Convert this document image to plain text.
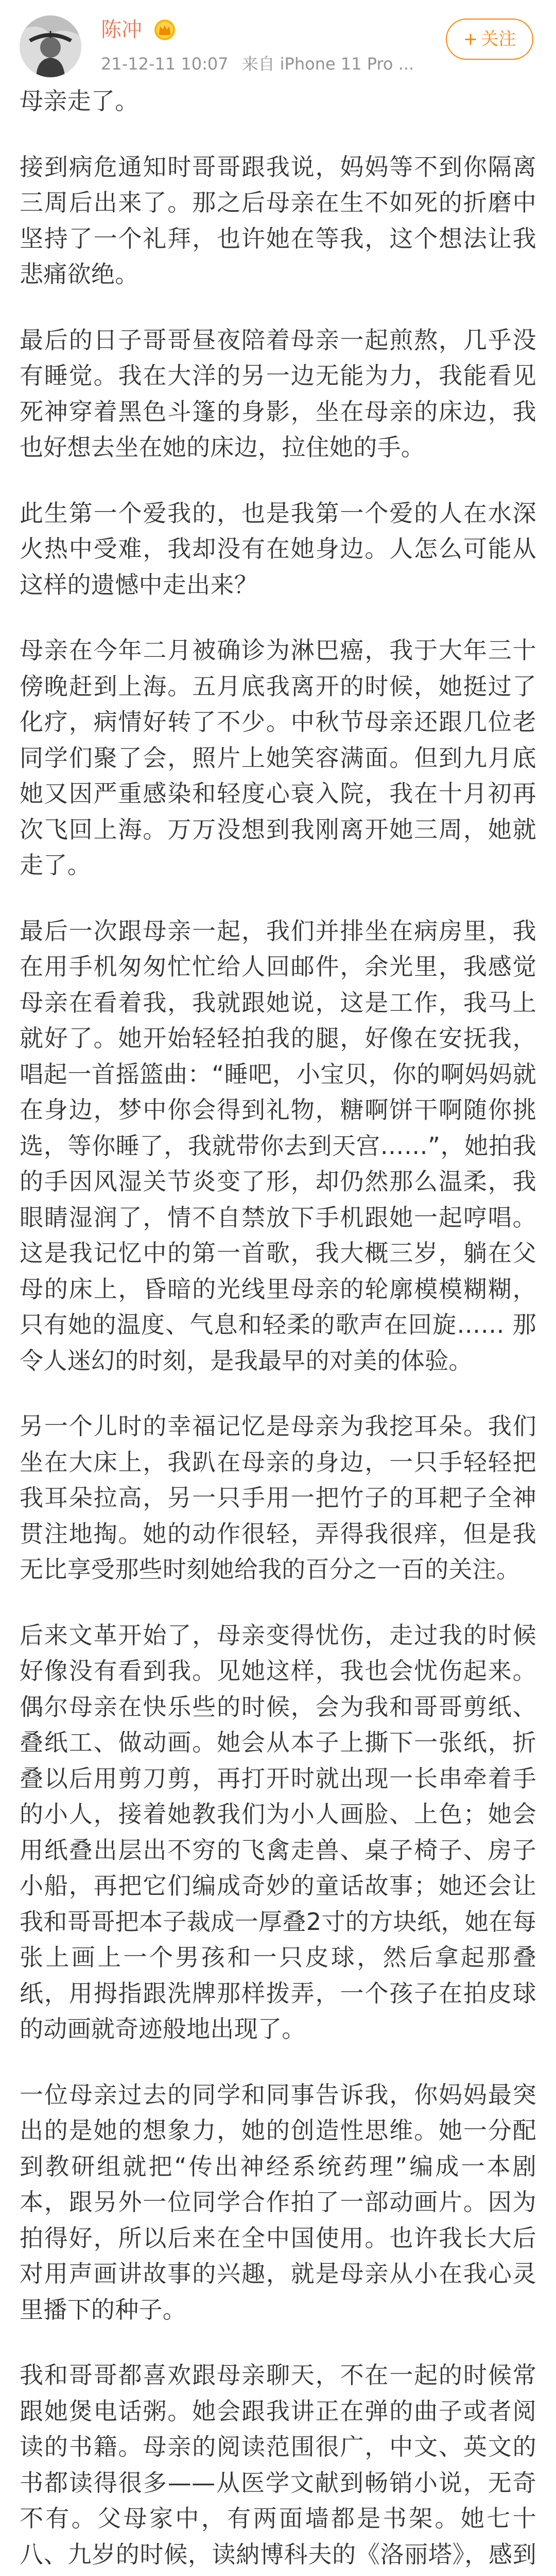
陈冲
21-12-11 10:07 来自 iPhone 11 Pro ...
+ 关注

母亲走了。

接到病危通知时哥哥跟我说，妈妈等不到你隔离三周后出来了。那之后母亲在生不如死的折磨中坚持了一个礼拜，也许她在等我，这个想法让我悲痛欲绝。

最后的日子哥哥昼夜陪着母亲一起煎熬，几乎没有睡觉。我在大洋的另一边无能为力，我能看见死神穿着黑色斗篷的身影，坐在母亲的床边，我也好想去坐在她的床边，拉住她的手。

此生第一个爱我的，也是我第一个爱的人在水深火热中受难，我却没有在她身边。人怎么可能从这样的遗憾中走出来？

母亲在今年二月被确诊为淋巴癌，我于大年三十傍晚赶到上海。五月底我离开的时候，她挺过了化疗，病情好转了不少。中秋节母亲还跟几位老同学们聚了会，照片上她笑容满面。但到九月底她又因严重感染和轻度心衰入院，我在十月初再次飞回上海。万万没想到我刚离开她三周，她就走了。

最后一次跟母亲一起，我们并排坐在病房里，我在用手机匆匆忙忙给人回邮件，余光里，我感觉母亲在看着我，我就跟她说，这是工作，我马上就好了。她开始轻轻拍我的腿，好像在安抚我，唱起一首摇篮曲：“睡吧，小宝贝，你的啊妈妈就在身边，梦中你会得到礼物，糖啊饼干啊随你挑选，等你睡了，我就带你去到天宫……”，她拍我的手因风湿关节炎变了形，却仍然那么温柔，我眼睛湿润了，情不自禁放下手机跟她一起哼唱。这是我记忆中的第一首歌，我大概三岁，躺在父母的床上，昏暗的光线里母亲的轮廓模模糊糊，只有她的温度、气息和轻柔的歌声在回旋…… 那令人迷幻的时刻，是我最早的对美的体验。

另一个儿时的幸福记忆是母亲为我挖耳朵。我们坐在大床上，我趴在母亲的身边，一只手轻轻把我耳朵拉高，另一只手用一把竹子的耳耙子全神贯注地掏。她的动作很轻，弄得我很痒，但是我无比享受那些时刻她给我的百分之一百的关注。

后来文革开始了，母亲变得忧伤，走过我的时候好像没有看到我。见她这样，我也会忧伤起来。偶尔母亲在快乐些的时候，会为我和哥哥剪纸、叠纸工、做动画。她会从本子上撕下一张纸，折叠以后用剪刀剪，再打开时就出现一长串牵着手的小人，接着她教我们为小人画脸、上色；她会用纸叠出层出不穷的飞禽走兽、桌子椅子、房子小船，再把它们编成奇妙的童话故事；她还会让我和哥哥把本子裁成一厚叠2寸的方块纸，她在每张上画上一个男孩和一只皮球，然后拿起那叠纸，用拇指跟洗牌那样拨弄，一个孩子在拍皮球的动画就奇迹般地出现了。

一位母亲过去的同学和同事告诉我，你妈妈最突出的是她的想象力，她的创造性思维。她一分配到教研组就把“传出神经系统药理”编成一本剧本，跟另外一位同学合作拍了一部动画片。因为拍得好，所以后来在全中国使用。也许我长大后对用声画讲故事的兴趣，就是母亲从小在我心灵里播下的种子。

我和哥哥都喜欢跟母亲聊天，不在一起的时候常跟她煲电话粥。她会跟我讲正在弹的曲子或者阅读的书籍。母亲的阅读范围很广，中文、英文的书都读得很多——从医学文献到畅销小说，无奇不有。父母家中，有两面墙都是书架。她七十八、九岁的时候，读納博科夫的《洛丽塔》，感到
